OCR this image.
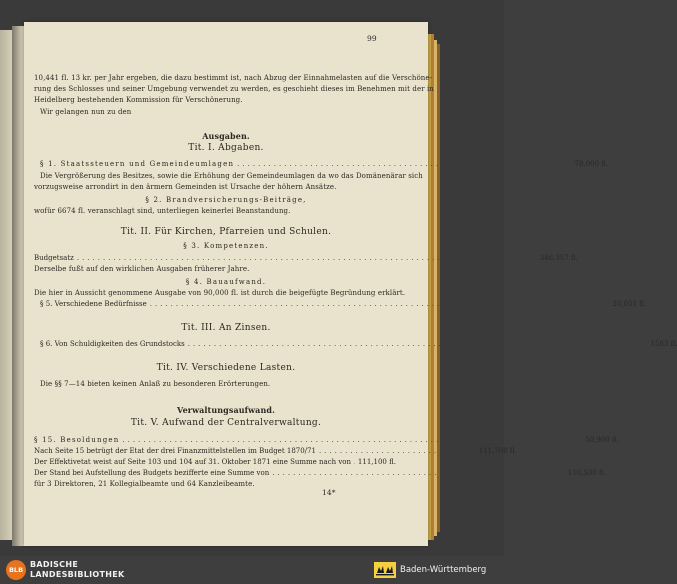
99
10,441 fl. 13 kr. per Jahr ergeben, die dazu bestimmt ist, nach Abzug der Einnahmelasten auf die Verschöne-
rung des Schlosses und seiner Umgebung verwendet zu werden, es geschieht dieses im Benehmen mit der in
Heidelberg bestehenden Kommission für Verschönerung.
Wir gelangen nun zu den
Ausgaben.
Tit. I. Abgaben.
§ 1. Staatssteuern und Gemeindeumlagen ................................................................ 78,000 fl.
Die Vergrößerung des Besitzes, sowie die Erhöhung der Gemeindeumlagen da wo das Domänenärar sich
vorzugsweise arrondirt in den ärmern Gemeinden ist Ursache der höhern Ansätze.
§ 2. Brandversicherungs-Beiträge,
wofür 6674 fl. veranschlagt sind, unterliegen keinerlei Beanstandung.
Tit. II. Für Kirchen, Pfarreien und Schulen.
§ 3. Kompetenzen.
Budgetsatz ........................................................................................ 346,357 fl.
Derselbe fußt auf den wirklichen Ausgaben früherer Jahre.
§ 4. Bauaufwand.
Die hier in Aussicht genommene Ausgabe von 90,000 fl. ist durch die beigefügte Begründung erklärt.
§ 5. Verschiedene Bedürfnisse ........................................................................................ 20,051 fl.
Tit. III. An Zinsen.
§ 6. Von Schuldigkeiten des Grundstocks ........................................................................................ 1583 fl.
Tit. IV. Verschiedene Lasten.
Die §§ 7—14 bieten keinen Anlaß zu besonderen Erörterungen.
Verwaltungsaufwand.
Tit. V. Aufwand der Centralverwaltung.
§ 15. Besoldungen ........................................................................................ 50,900 fl.
Nach Seite 15 betrügt der Etat der drei Finanzmittelstellen im Budget 1870/71 .............................. 111,700 fl.
Der Effektivetat weist auf Seite 103 und 104 auf 31. Oktober 1871 eine Summe nach von 111,100 fl.
Der Stand bei Aufstellung des Budgets bezifferte eine Summe von ........................................................ 110,500 fl.
für 3 Direktoren, 21 Kollegialbeamte und 64 Kanzleibeamte.
14*
BLB
BADISCHE
LANDESBIBLIOTHEK	Baden-Württemberg
